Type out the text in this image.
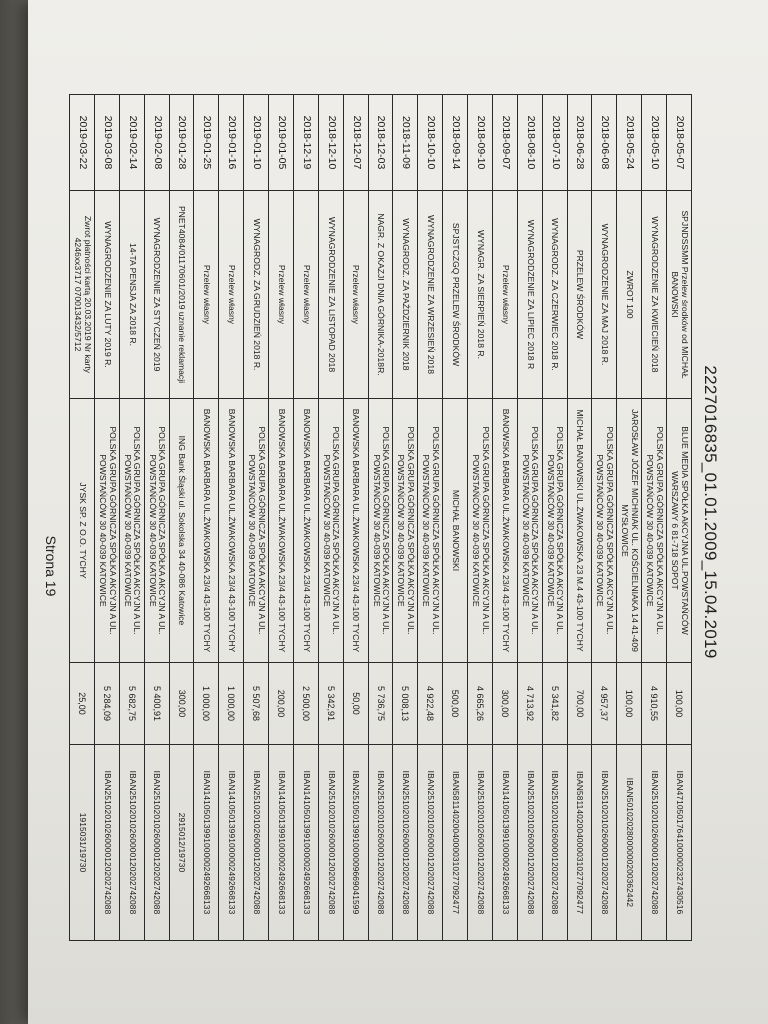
2227016835_01.01.2009_15.04.2019
2018-05-07	SPJNDSSMM Przelew środków od MICHAŁ BANOWSKI	BLUE MEDIA SPÓŁKA AKCYJNA UL.POWSTAŃCÓW WARSZAWY 6 81-718 SOPOT	100,00	IBAN47105017641000002327430516
2018-05-10	WYNAGRODZENIE ZA KWIECIEŃ 2018	POLSKA GRUPA GÓRNICZA SPÓŁKA AKCYJN A UL. POWSTAŃCÓW 30 40-039 KATOWICE	4 910,55	IBAN25102010260000120202742088
2018-05-24	ZWROT 100	JAROSŁAW JÓZEF MICHNIAK UL. KOŚCIELNIAKA 14 41-409 MYSŁOWICE	100,00	IBAN50102028000000200362442
2018-06-08	WYNAGRODZENIE ZA MAJ 2018 R.	POLSKA GRUPA GÓRNICZA SPÓŁKA AKCYJN A UL. POWSTAŃCÓW 30 40-039 KATOWICE	4 957,37	IBAN25102010260000120202742088
2018-06-28	PRZELEW ŚRODKÓW	MICHAŁ BANOWSKI UL.ŻWAKOWSKA 23 M.4 43-100 TYCHY	700,00	IBAN58114020040000310277092477
2018-07-10	WYNAGRODZ. ZA CZERWIEC 2018 R.	POLSKA GRUPA GÓRNICZA SPÓŁKA AKCYJN A UL. POWSTAŃCÓW 30 40-039 KATOWICE	5 341,82	IBAN25102010260000120202742088
2018-08-10	WYNAGRODZENIE ZA LIPIEC 2018 R	POLSKA GRUPA GÓRNICZA SPÓŁKA AKCYJN A UL. POWSTAŃCÓW 30 40-039 KATOWICE	4 713,92	IBAN25102010260000120202742088
2018-09-07	Przelew własny	BANOWSKA BARBARA UL.ŻWAKOWSKA 23/4 43-100 TYCHY	300,00	IBAN14105013991000002492668133
2018-09-10	WYNAGR. ZA SIERPIEŃ 2018 R.	POLSKA GRUPA GÓRNICZA SPÓŁKA AKCYJN A UL. POWSTAŃCÓW 30 40-039 KATOWICE	4 665,26	IBAN25102010260000120202742088
2018-09-14	SPJSTCZGQ PRZELEW ŚRODKÓW	MICHAŁ BANOWSKI	500,00	IBAN58114020040000310277092477
2018-10-10	WYNAGRODZENIE ZA WRZESIEŃ 2018	POLSKA GRUPA GÓRNICZA SPÓŁKA AKCYJN A UL. POWSTAŃCÓW 30 40-039 KATOWICE	4 922,48	IBAN25102010260000120202742088
2018-11-09	WYNAGRODZ. ZA PAŹDZIERNIK 2018	POLSKA GRUPA GÓRNICZA SPÓŁKA AKCYJN A UL. POWSTAŃCÓW 30 40-039 KATOWICE	5 008,13	IBAN25102010260000120202742088
2018-12-03	NAGR. Z OKAZJI DNIA GÓRNIKA-2018R.	POLSKA GRUPA GÓRNICZA SPÓŁKA AKCYJN A UL. POWSTAŃCÓW 30 40-039 KATOWICE	5 736,75	IBAN25102010260000120202742088
2018-12-07	Przelew własny	BANOWSKA BARBARA UL.ŻWAKOWSKA 23/4 43-100 TYCHY	50,00	IBAN25105013991000009669041599
2018-12-10	WYNAGRODZENIE ZA LISTOPAD 2018	POLSKA GRUPA GÓRNICZA SPÓŁKA AKCYJN A UL. POWSTAŃCÓW 30 40-039 KATOWICE	5 342,91	IBAN25102010260000120202742088
2018-12-19	Przelew własny	BANOWSKA BARBARA UL.ŻWAKOWSKA 23/4 43-100 TYCHY	2 500,00	IBAN14105013991000002492668133
2019-01-05	Przelew własny	BANOWSKA BARBARA UL.ŻWAKOWSKA 23/4 43-100 TYCHY	200,00	IBAN14105013991000002492668133
2019-01-10	WYNAGRODZ. ZA GRUDZIEŃ 2018 R.	POLSKA GRUPA GÓRNICZA SPÓŁKA AKCYJN A UL. POWSTAŃCÓW 30 40-039 KATOWICE	5 507,68	IBAN25102010260000120202742088
2019-01-16	Przelew własny	BANOWSKA BARBARA UL.ŻWAKOWSKA 23/4 43-100 TYCHY	1 000,00	IBAN14105013991000002492668133
2019-01-25	Przelew własny	BANOWSKA BARBARA UL.ŻWAKOWSKA 23/4 43-100 TYCHY	1 000,00	IBAN14105013991000002492668133
2019-01-28	PNET4084/01170601/2019 uznanie reklamacji	ING Bank Śląski ul. Sokolska 34 40-086 Katowice	300,00	2915012/19730
2019-02-08	WYNAGRODZENIE ZA STYCZEŃ 2019	POLSKA GRUPA GÓRNICZA SPÓŁKA AKCYJN A UL. POWSTAŃCÓW 30 40-039 KATOWICE	5 400,91	IBAN25102010260000120202742088
2019-02-14	14-TA PENSJA ZA 2018 R.	POLSKA GRUPA GÓRNICZA SPÓŁKA AKCYJN A UL. POWSTAŃCÓW 30 40-039 KATOWICE	5 682,75	IBAN25102010260000120202742088
2019-03-08	WYNAGRODZENIE ZA LUTY 2019 R.	POLSKA GRUPA GÓRNICZA SPÓŁKA AKCYJN A UL. POWSTAŃCÓW 30 40-039 KATOWICE	5 284,09	IBAN25102010260000120202742088
2019-03-22	Zwrot płatności kartą 20.03.2019 Nr karty 4246xx3717 070013432/5712	JYSK SP. Z O.O. TYCHY	25,00	1915031/19730
Strona 19
